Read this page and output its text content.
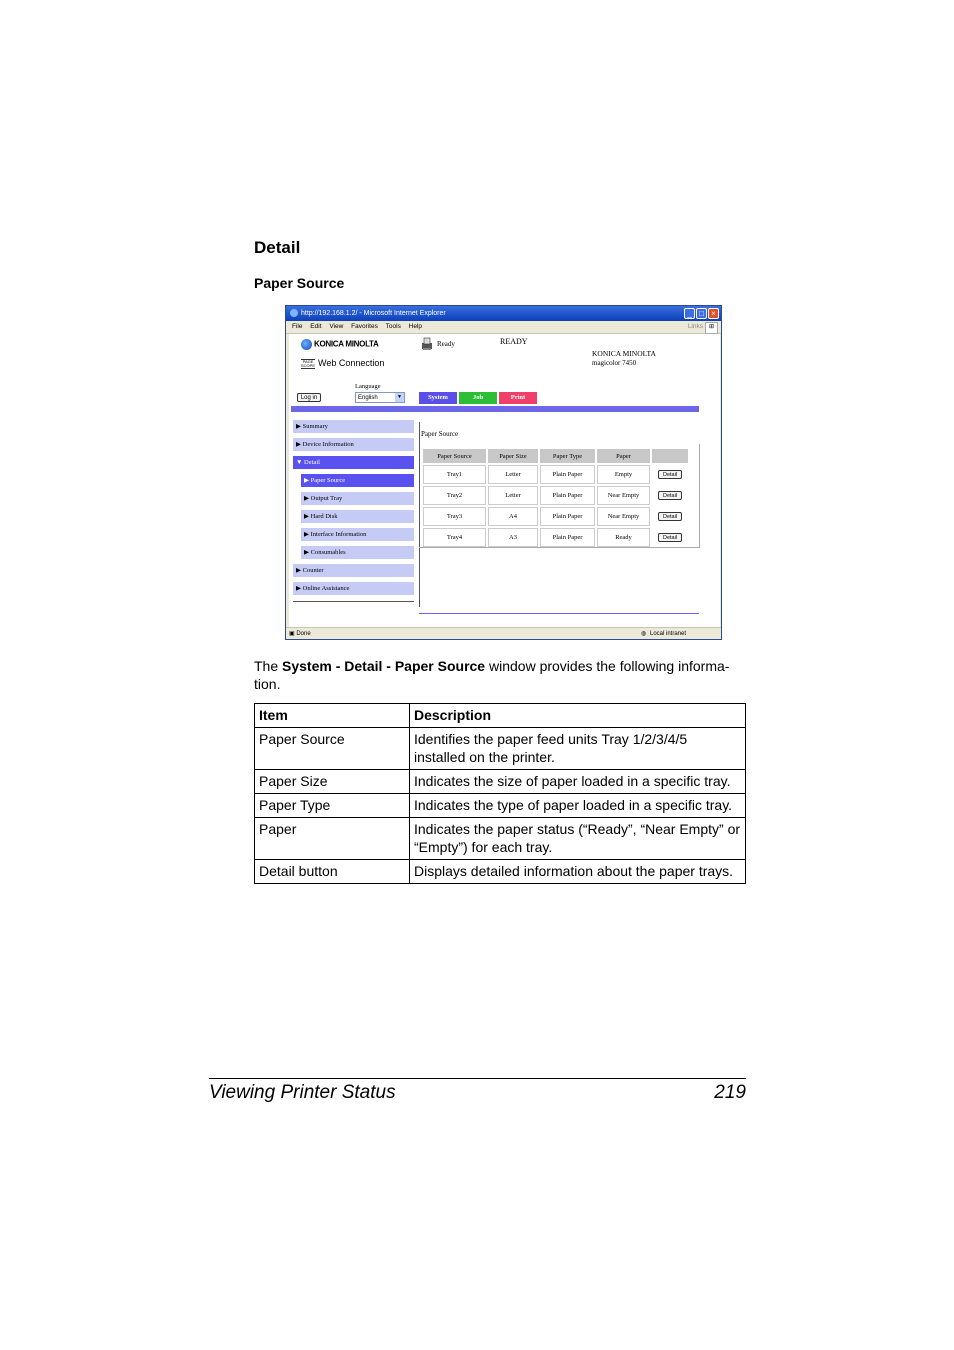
Detail
Paper Source
http://192.168.1.2/ - Microsoft Internet Explorer	_ □ ×
File Edit View Favorites Tools Help	Links ⊞
KONICA MINOLTA
PAGE SCOPE Web Connection
Ready	READY
KONICA MINOLTA
magicolor 7450
Language
Log in	English	▼	System	Job	Print
▶ Summary
▶ Device Information
▼ Detail
▶ Paper Source
▶ Output Tray
▶ Hard Disk
▶ Interface Information
▶ Consumables
▶ Counter
▶ Online Assistance
Paper Source
Paper Source	Paper Size	Paper Type	Paper	
Tray1	Letter	Plain Paper	Empty	Detail
Tray2	Letter	Plain Paper	Near Empty	Detail
Tray3	A4	Plain Paper	Near Empty	Detail
Tray4	A3	Plain Paper	Ready	Detail
▣ Done	◍ Local intranet
The System - Detail - Paper Source window provides the following informa-tion.
Item	Description
Paper Source	Identifies the paper feed units Tray 1/2/3/4/5 installed on the printer.
Paper Size	Indicates the size of paper loaded in a specific tray.
Paper Type	Indicates the type of paper loaded in a specific tray.
Paper	Indicates the paper status (“Ready”, “Near Empty” or “Empty”) for each tray.
Detail button	Displays detailed information about the paper trays.
Viewing Printer Status	219
